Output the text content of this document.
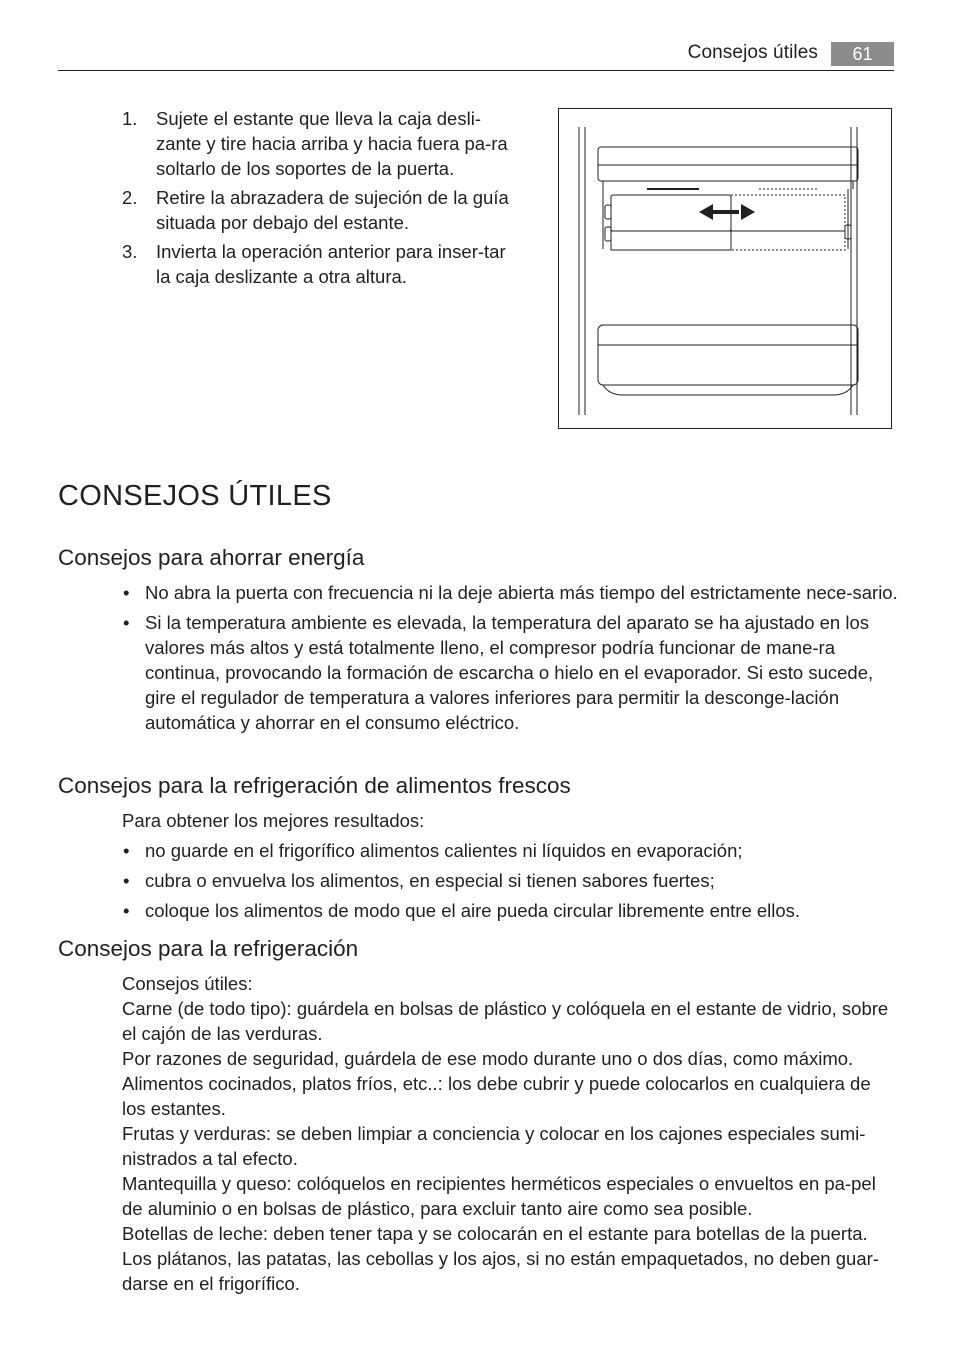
Consejos útiles	61
1. Sujete el estante que lleva la caja desli-zante y tire hacia arriba y hacia fuera pa-ra soltarlo de los soportes de la puerta.
2. Retire la abrazadera de sujeción de la guía situada por debajo del estante.
3. Invierta la operación anterior para inser-tar la caja deslizante a otra altura.
CONSEJOS ÚTILES
Consejos para ahorrar energía
• No abra la puerta con frecuencia ni la deje abierta más tiempo del estrictamente nece-sario.
• Si la temperatura ambiente es elevada, la temperatura del aparato se ha ajustado en los valores más altos y está totalmente lleno, el compresor podría funcionar de mane-ra continua, provocando la formación de escarcha o hielo en el evaporador. Si esto sucede, gire el regulador de temperatura a valores inferiores para permitir la desconge-lación automática y ahorrar en el consumo eléctrico.
Consejos para la refrigeración de alimentos frescos

Para obtener los mejores resultados:

• no guarde en el frigorífico alimentos calientes ni líquidos en evaporación;
• cubra o envuelva los alimentos, en especial si tienen sabores fuertes;
• coloque los alimentos de modo que el aire pueda circular libremente entre ellos.
Consejos para la refrigeración

Consejos útiles:

Carne (de todo tipo): guárdela en bolsas de plástico y colóquela en el estante de vidrio, sobre el cajón de las verduras.

Por razones de seguridad, guárdela de ese modo durante uno o dos días, como máximo.

Alimentos cocinados, platos fríos, etc..: los debe cubrir y puede colocarlos en cualquiera de los estantes.

Frutas y verduras: se deben limpiar a conciencia y colocar en los cajones especiales sumi-nistrados a tal efecto.

Mantequilla y queso: colóquelos en recipientes herméticos especiales o envueltos en pa-pel de aluminio o en bolsas de plástico, para excluir tanto aire como sea posible.

Botellas de leche: deben tener tapa y se colocarán en el estante para botellas de la puerta.

Los plátanos, las patatas, las cebollas y los ajos, si no están empaquetados, no deben guar-darse en el frigorífico.
